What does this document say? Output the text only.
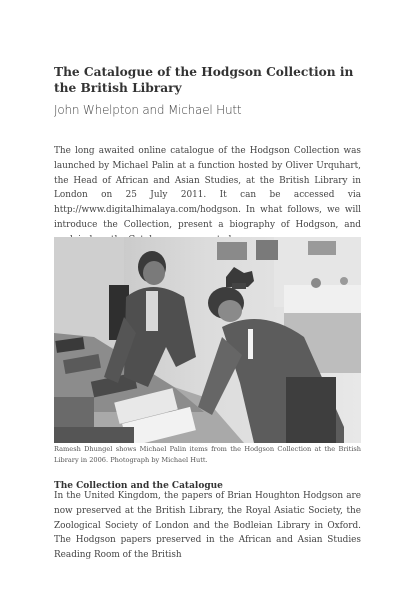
The Catalogue of the Hodgson Collection in the British Library

John Whelpton and Michael Hutt

The long awaited online catalogue of the Hodgson Collection was launched by Michael Palin at a function hosted by Oliver Urquhart, the Head of African and Asian Studies, at the British Library in London on 25 July 2011. It can be accessed via http://www.digitalhimalaya.com/hodgson. In what follows, we will introduce the Collection, present a biography of Hodgson, and

Ramesh Dhungel shows Michael Palin items from the Hodgson Collection at the British Library in 2006. Photograph by Michael Hutt.

The Collection and the Catalogue

In the United Kingdom, the papers of Brian Houghton Hodgson are now preserved at the British Library, the Royal Asiatic Society, the Zoological Society of London and the Bodleian Library in Oxford. The Hodgson papers preserved in the African and Asian Studies Reading Room of the British
